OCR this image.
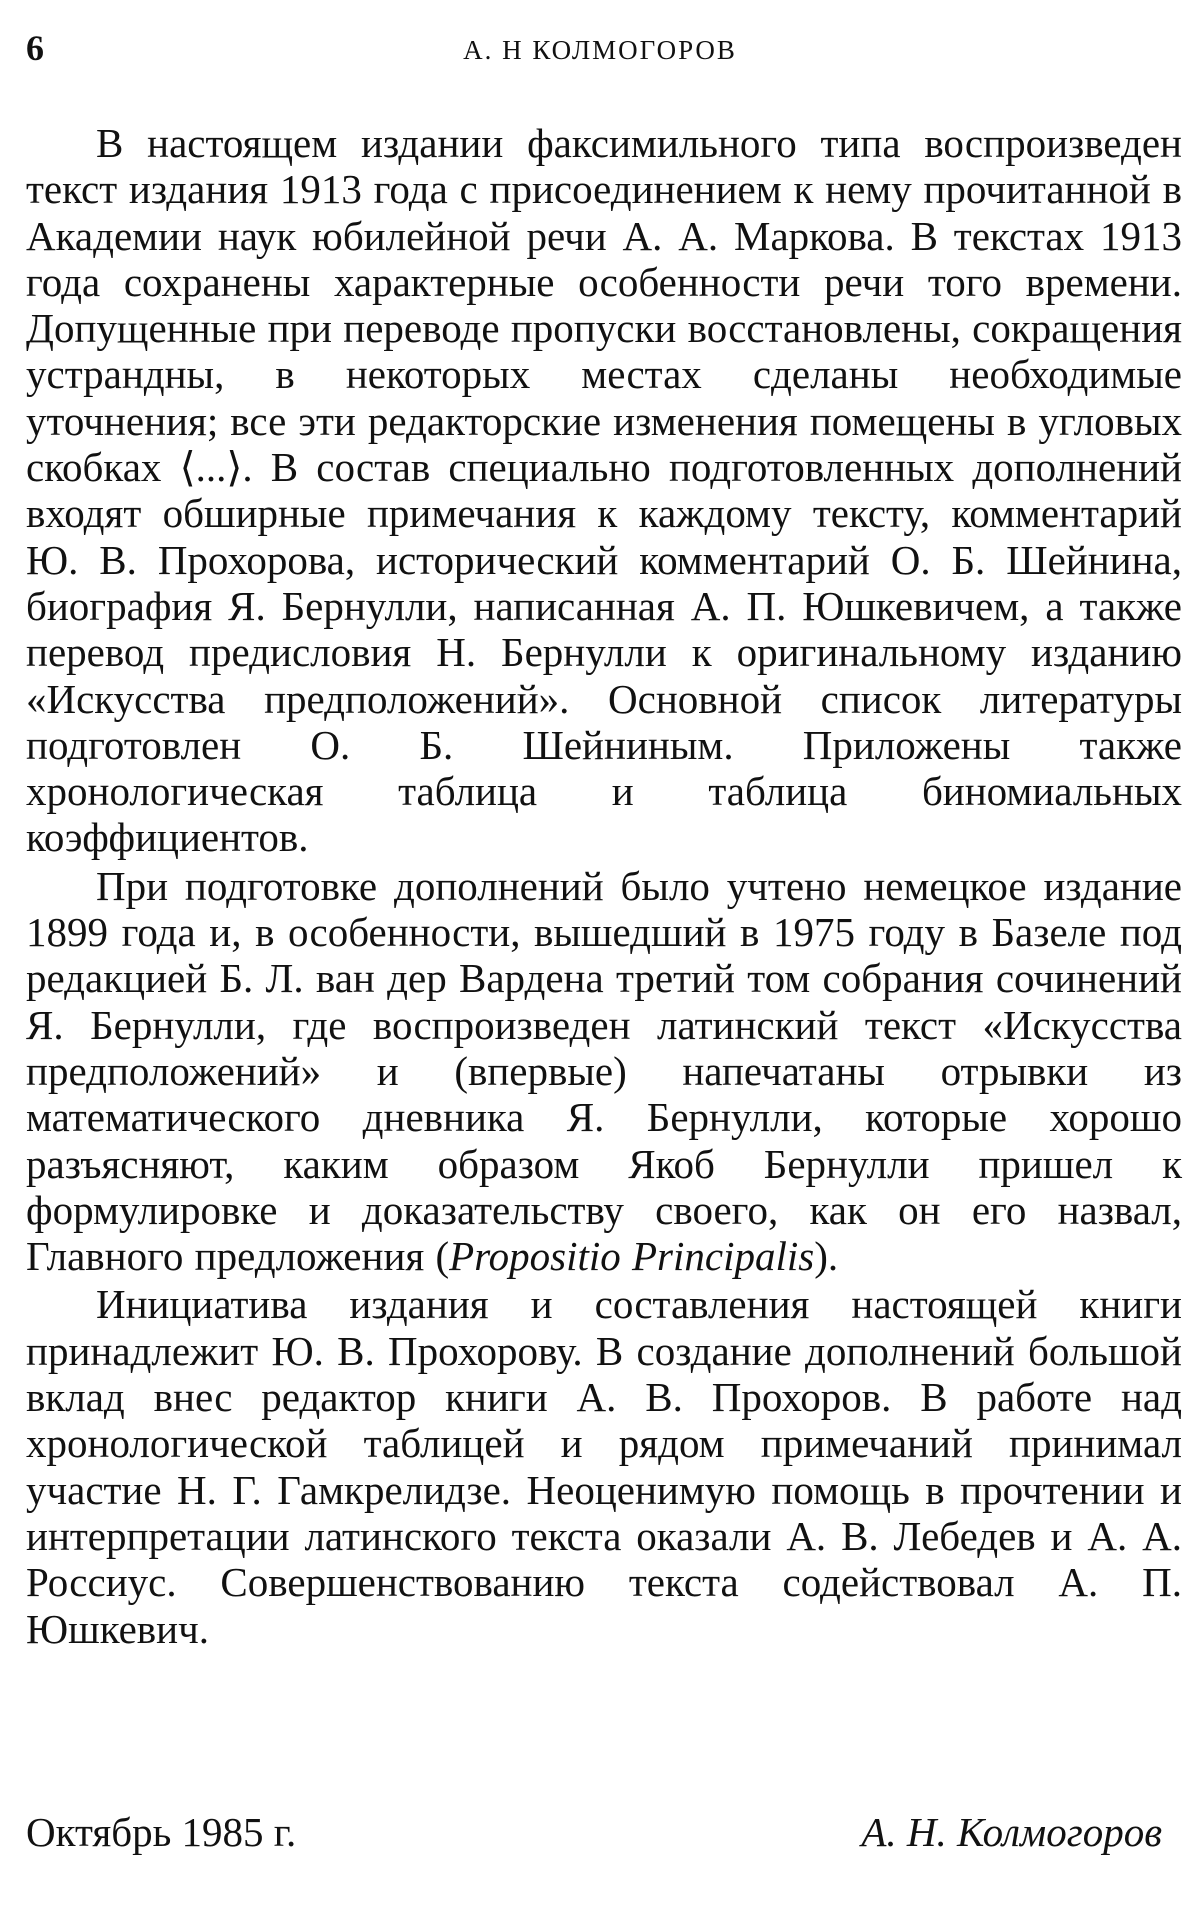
6	А. Н КОЛМОГОРОВ

В настоящем издании факсимильного типа воспроизведен текст издания 1913 года с присоединением к нему прочитанной в Академии наук юбилейной речи А. А. Маркова. В текстах 1913 года сохранены характерные особенности речи того времени. Допущенные при переводе пропуски восстановлены, сокращения устрандны, в некоторых местах сделаны необходимые уточнения; все эти редакторские изменения помещены в угловых скобках ⟨...⟩. В состав специально подготовленных дополнений входят обширные примечания к каждому тексту, комментарий Ю. В. Прохорова, исторический комментарий О. Б. Шейнина, биография Я. Бернулли, написанная А. П. Юшкевичем, а также перевод предисловия Н. Бернулли к оригинальному изданию «Искусства предположений». Основной список литературы подготовлен О. Б. Шейниным. Приложены также хронологическая таблица и таблица биномиальных коэффициентов.

При подготовке дополнений было учтено немецкое издание 1899 года и, в особенности, вышедший в 1975 году в Базеле под редакцией Б. Л. ван дер Вардена третий том собрания сочинений Я. Бернулли, где воспроизведен латинский текст «Искусства предположений» и (впервые) напечатаны отрывки из математического дневника Я. Бернулли, которые хорошо разъясняют, каким образом Якоб Бернулли пришел к формулировке и доказательству своего, как он его назвал, Главного предложения (Propositio Principalis).

Инициатива издания и составления настоящей книги принадлежит Ю. В. Прохорову. В создание дополнений большой вклад внес редактор книги А. В. Прохоров. В работе над хронологической таблицей и рядом примечаний принимал участие Н. Г. Гамкрелидзе. Неоценимую помощь в прочтении и интерпретации латинского текста оказали А. В. Лебедев и А. А. Россиус. Совершенствованию текста содействовал А. П. Юшкевич.

Октябрь 1985 г.	А. Н. Колмогоров
